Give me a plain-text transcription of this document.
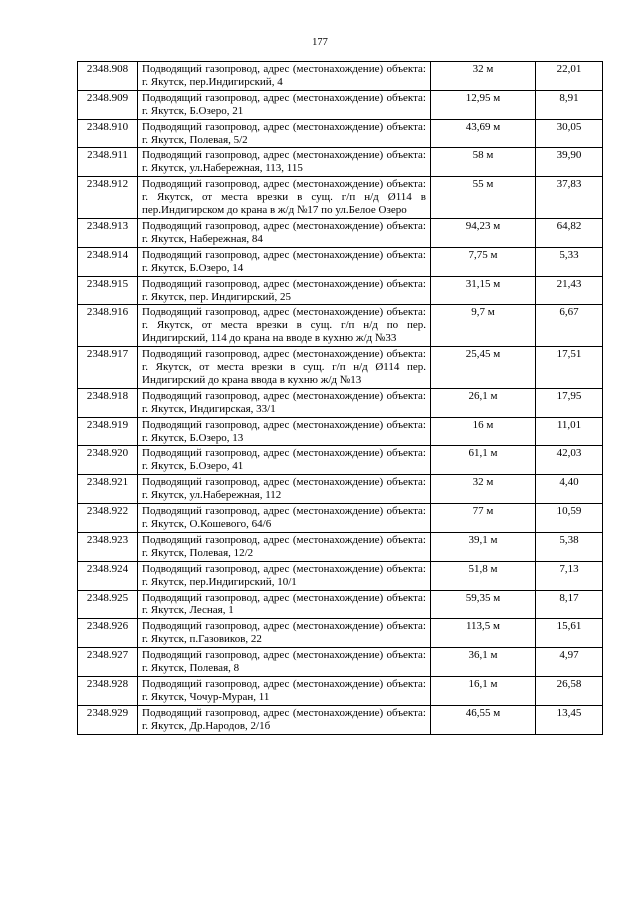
177
2348.908	Подводящий газопровод, адрес (местонахождение) объекта: г. Якутск, пер.Индигирский, 4	32 м	22,01
2348.909	Подводящий газопровод, адрес (местонахождение) объекта: г. Якутск, Б.Озеро, 21	12,95 м	8,91
2348.910	Подводящий газопровод, адрес (местонахождение) объекта: г. Якутск, Полевая, 5/2	43,69 м	30,05
2348.911	Подводящий газопровод, адрес (местонахождение) объекта: г. Якутск, ул.Набережная, 113, 115	58 м	39,90
2348.912	Подводящий газопровод, адрес (местонахождение) объекта: г. Якутск, от места врезки в сущ. г/п н/д Ø114 в пер.Индигирском до крана в ж/д №17 по ул.Белое Озеро	55 м	37,83
2348.913	Подводящий газопровод, адрес (местонахождение) объекта: г. Якутск, Набережная, 84	94,23 м	64,82
2348.914	Подводящий газопровод, адрес (местонахождение) объекта: г. Якутск, Б.Озеро, 14	7,75 м	5,33
2348.915	Подводящий газопровод, адрес (местонахождение) объекта: г. Якутск, пер. Индигирский, 25	31,15 м	21,43
2348.916	Подводящий газопровод, адрес (местонахождение) объекта: г. Якутск, от места врезки в сущ. г/п н/д по пер. Индигирский, 114 до крана на вводе в кухню ж/д №33	9,7 м	6,67
2348.917	Подводящий газопровод, адрес (местонахождение) объекта: г. Якутск, от места врезки в сущ. г/п н/д Ø114 пер. Индигирский до крана ввода в кухню ж/д №13	25,45 м	17,51
2348.918	Подводящий газопровод, адрес (местонахождение) объекта: г. Якутск, Индигирская, 33/1	26,1 м	17,95
2348.919	Подводящий газопровод, адрес (местонахождение) объекта: г. Якутск, Б.Озеро, 13	16 м	11,01
2348.920	Подводящий газопровод, адрес (местонахождение) объекта: г. Якутск, Б.Озеро, 41	61,1 м	42,03
2348.921	Подводящий газопровод, адрес (местонахождение) объекта: г. Якутск, ул.Набережная, 112	32 м	4,40
2348.922	Подводящий газопровод, адрес (местонахождение) объекта: г. Якутск, О.Кошевого, 64/6	77 м	10,59
2348.923	Подводящий газопровод, адрес (местонахождение) объекта: г. Якутск, Полевая, 12/2	39,1 м	5,38
2348.924	Подводящий газопровод, адрес (местонахождение) объекта: г. Якутск, пер.Индигирский, 10/1	51,8 м	7,13
2348.925	Подводящий газопровод, адрес (местонахождение) объекта: г. Якутск, Лесная, 1	59,35 м	8,17
2348.926	Подводящий газопровод, адрес (местонахождение) объекта: г. Якутск, п.Газовиков, 22	113,5 м	15,61
2348.927	Подводящий газопровод, адрес (местонахождение) объекта: г. Якутск, Полевая, 8	36,1 м	4,97
2348.928	Подводящий газопровод, адрес (местонахождение) объекта: г. Якутск, Чочур-Муран, 11	16,1 м	26,58
2348.929	Подводящий газопровод, адрес (местонахождение) объекта: г. Якутск, Др.Народов, 2/1б	46,55 м	13,45
